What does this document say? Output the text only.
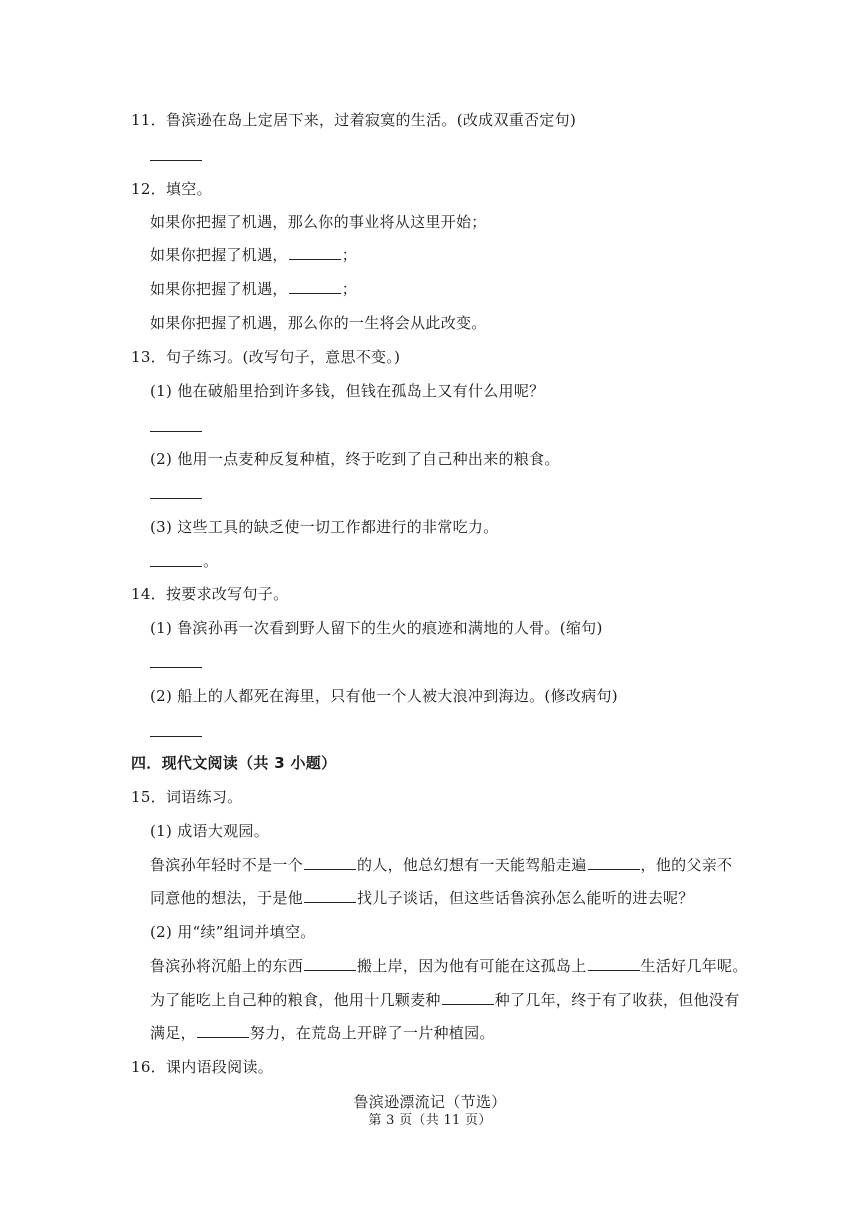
11．鲁滨逊在岛上定居下来，过着寂寞的生活。(改成双重否定句)
12．填空。
如果你把握了机遇，那么你的事业将从这里开始；
如果你把握了机遇，	；
如果你把握了机遇，	；
如果你把握了机遇，那么你的一生将会从此改变。
13．句子练习。(改写句子，意思不变。)
(1) 他在破船里拾到许多钱，但钱在孤岛上又有什么用呢？
(2) 他用一点麦种反复种植，终于吃到了自己种出来的粮食。
(3) 这些工具的缺乏使一切工作都进行的非常吃力。
。
14．按要求改写句子。
(1) 鲁滨孙再一次看到野人留下的生火的痕迹和满地的人骨。(缩句)
(2) 船上的人都死在海里，只有他一个人被大浪冲到海边。(修改病句)
四．现代文阅读（共 3 小题）
15．词语练习。
(1) 成语大观园。
鲁滨孙年轻时不是一个	的人，他总幻想有一天能驾船走遍	，他的父亲不
同意他的想法，于是他	找儿子谈话，但这些话鲁滨孙怎么能听的进去呢？
(2) 用“续”组词并填空。
鲁滨孙将沉船上的东西	搬上岸，因为他有可能在这孤岛上	生活好几年呢。
为了能吃上自己种的粮食，他用十几颗麦种	种了几年，终于有了收获，但他没有
满足，	努力，在荒岛上开辟了一片种植园。
16．课内语段阅读。
鲁滨逊漂流记（节选）
第 3 页（共 11 页）
